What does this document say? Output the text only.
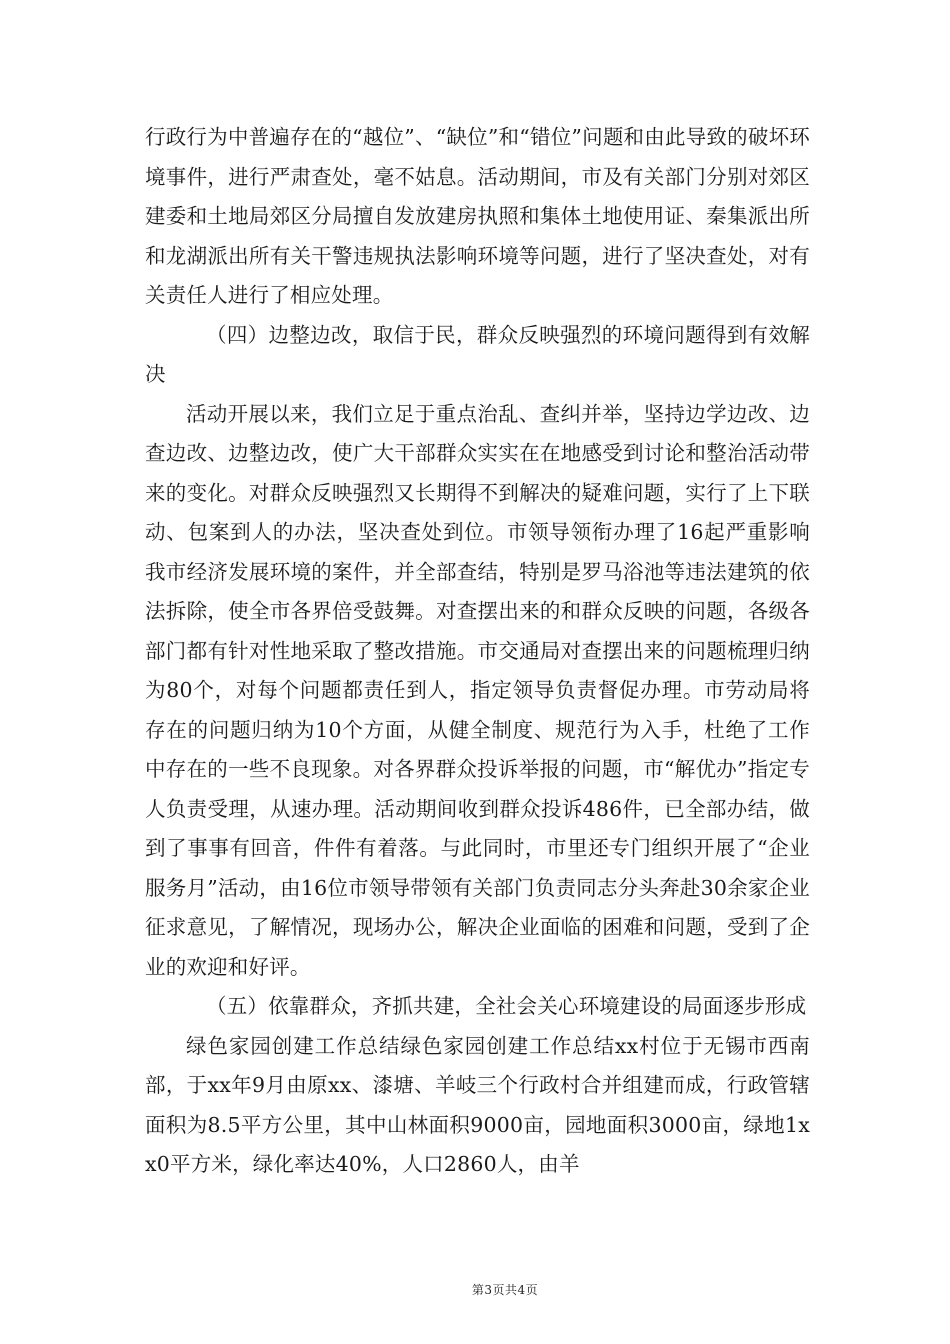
行政行为中普遍存在的“越位”、“缺位”和“错位”问题和由此导致的破坏环境事件，进行严肃查处，毫不姑息。活动期间，市及有关部门分别对郊区建委和土地局郊区分局擅自发放建房执照和集体土地使用证、秦集派出所和龙湖派出所有关干警违规执法影响环境等问题，进行了坚决查处，对有关责任人进行了相应处理。

（四）边整边改，取信于民，群众反映强烈的环境问题得到有效解决

活动开展以来，我们立足于重点治乱、查纠并举，坚持边学边改、边查边改、边整边改，使广大干部群众实实在在地感受到讨论和整治活动带来的变化。对群众反映强烈又长期得不到解决的疑难问题，实行了上下联动、包案到人的办法，坚决查处到位。市领导领衔办理了16起严重影响我市经济发展环境的案件，并全部查结，特别是罗马浴池等违法建筑的依法拆除，使全市各界倍受鼓舞。对查摆出来的和群众反映的问题，各级各部门都有针对性地采取了整改措施。市交通局对查摆出来的问题梳理归纳为80个，对每个问题都责任到人，指定领导负责督促办理。市劳动局将存在的问题归纳为10个方面，从健全制度、规范行为入手，杜绝了工作中存在的一些不良现象。对各界群众投诉举报的问题，市“解优办”指定专人负责受理，从速办理。活动期间收到群众投诉486件，已全部办结，做到了事事有回音，件件有着落。与此同时，市里还专门组织开展了“企业服务月”活动，由16位市领导带领有关部门负责同志分头奔赴30余家企业征求意见，了解情况，现场办公，解决企业面临的困难和问题，受到了企业的欢迎和好评。

（五）依靠群众，齐抓共建，全社会关心环境建设的局面逐步形成

绿色家园创建工作总结绿色家园创建工作总结xx村位于无锡市西南部，于xx年9月由原xx、漆塘、羊岐三个行政村合并组建而成，行政管辖面积为8.5平方公里，其中山林面积9000亩，园地面积3000亩，绿地1xx0平方米，绿化率达40%，人口2860人，由羊

第3页共4页
